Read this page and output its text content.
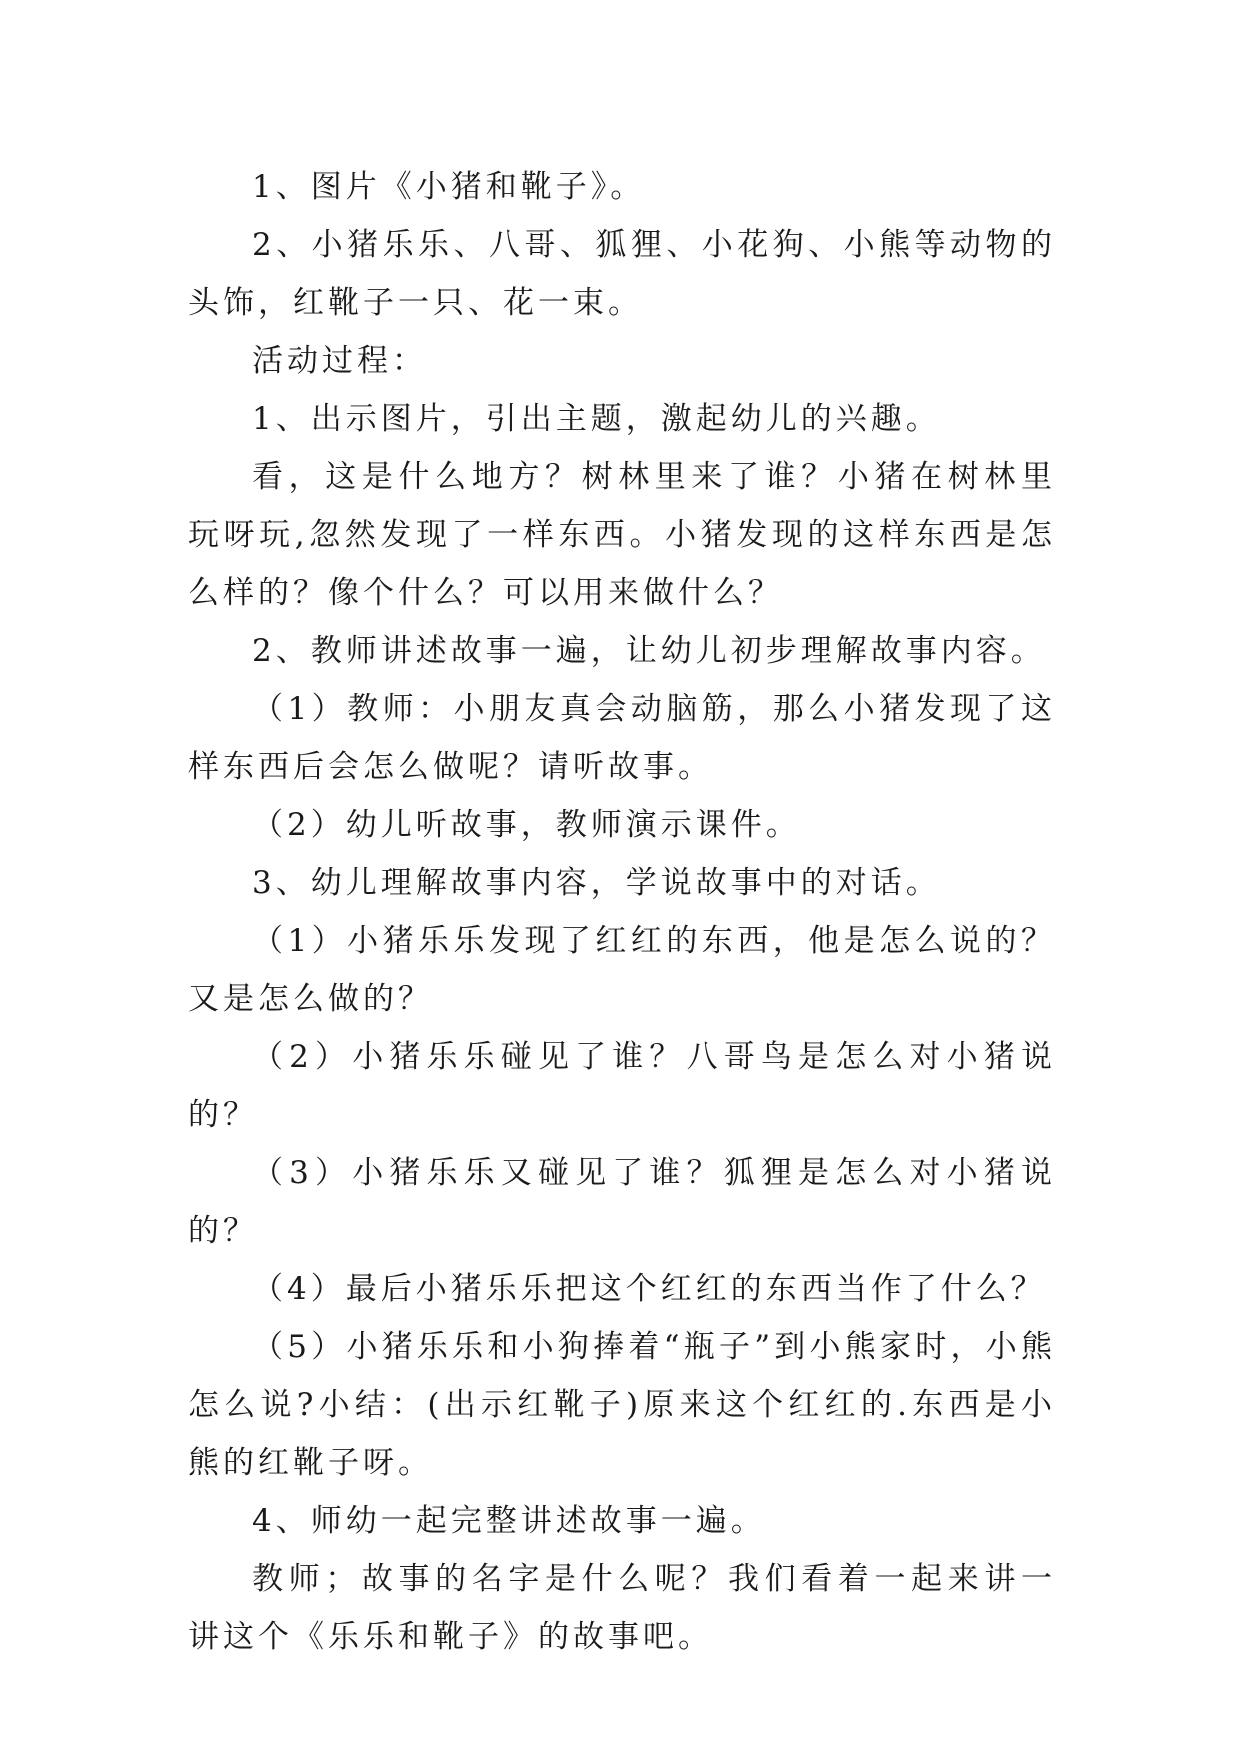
1、图片《小猪和靴子》。

2、小猪乐乐、八哥、狐狸、小花狗、小熊等动物的头饰，红靴子一只、花一束。

活动过程：

1、出示图片，引出主题，激起幼儿的兴趣。

看，这是什么地方？树林里来了谁？小猪在树林里玩呀玩,忽然发现了一样东西。小猪发现的这样东西是怎么样的？像个什么？可以用来做什么？

2、教师讲述故事一遍，让幼儿初步理解故事内容。

（1）教师：小朋友真会动脑筋，那么小猪发现了这样东西后会怎么做呢？请听故事。

（2）幼儿听故事，教师演示课件。

3、幼儿理解故事内容，学说故事中的对话。

（1）小猪乐乐发现了红红的东西，他是怎么说的？又是怎么做的？

（2）小猪乐乐碰见了谁？八哥鸟是怎么对小猪说的？

（3）小猪乐乐又碰见了谁？狐狸是怎么对小猪说的？

（4）最后小猪乐乐把这个红红的东西当作了什么？

（5）小猪乐乐和小狗捧着“瓶子”到小熊家时，小熊怎么说?小结：(出示红靴子)原来这个红红的.东西是小熊的红靴子呀。

4、师幼一起完整讲述故事一遍。

教师；故事的名字是什么呢？我们看着一起来讲一讲这个《乐乐和靴子》的故事吧。
